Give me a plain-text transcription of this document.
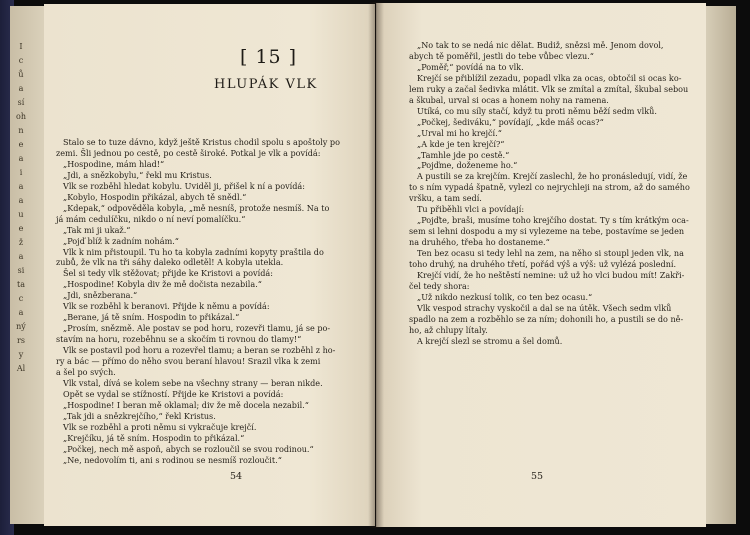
I
c
ů
a
sí
oh
n
e
a
i
a
a
u
e
ž
a
si
ta
c
a
ný
rs
y
Al
[ 15 ]
HLUPÁK VLK
Stalo se to tuze dávno, když ještě Kristus chodil spolu s apoštoly po
zemi. Šli jednou po cestě, po cestě široké. Potkal je vlk a povídá:
„Hospodine, mám hlad!“
„Jdi, a snězkobylu,“ řekl mu Kristus.
Vlk se rozběhl hledat kobylu. Uviděl ji, přišel k ní a povídá:
„Kobylo, Hospodin přikázal, abych tě snědl.“
„Kdepak,“ odpověděla kobyla, „mě nesníš, protože nesmíš. Na to
já mám cedulíčku, nikdo o ní neví pomalíčku.“
„Tak mi ji ukaž.“
„Pojď blíž k zadním nohám.“
Vlk k nim přistoupil. Tu ho ta kobyla zadními kopyty praštila do
zubů, že vlk na tři sáhy daleko odletěl! A kobyla utekla.
Šel si tedy vlk stěžovat; přijde ke Kristovi a povídá:
„Hospodine! Kobyla div že mě dočista nezabila.“
„Jdi, snězberana.“
Vlk se rozběhl k beranovi. Přijde k němu a povídá:
„Berane, já tě sním. Hospodin to přikázal.“
„Prosím, snězmě. Ale postav se pod horu, rozevři tlamu, já se po-
stavím na horu, rozeběhnu se a skočím ti rovnou do tlamy!“
Vlk se postavil pod horu a rozevřel tlamu; a beran se rozběhl z ho-
ry a bác — přímo do něho svou beraní hlavou! Srazil vlka k zemi
a šel po svých.
Vlk vstal, dívá se kolem sebe na všechny strany — beran nikde.
Opět se vydal se stížností. Přijde ke Kristovi a povídá:
„Hospodine! I beran mě oklamal; div že mě docela nezabil.“
„Tak jdi a snězkrejčího,“ řekl Kristus.
Vlk se rozběhl a proti němu si vykračuje krejčí.
„Krejčíku, já tě sním. Hospodin to přikázal.“
„Počkej, nech mě aspoň, abych se rozloučil se svou rodinou.“
„Ne, nedovolím ti, ani s rodinou se nesmíš rozloučit.“
54
„No tak to se nedá nic dělat. Budiž, snězsi mě. Jenom dovol,
abych tě poměřil, jestli do tebe vůbec vlezu.“
„Poměř,“ povídá na to vlk.
Krejčí se přiblížil zezadu, popadl vlka za ocas, obtočil si ocas ko-
lem ruky a začal šedivka mlátit. Vlk se zmítal a zmítal, škubal sebou
a škubal, urval si ocas a honem nohy na ramena.
Utíká, co mu síly stačí, když tu proti němu běží sedm vlků.
„Počkej, šediváku,“ povídají, „kde máš ocas?“
„Urval mi ho krejčí.“
„A kde je ten krejčí?“
„Tamhle jde po cestě.“
„Pojďme, doženeme ho.“
A pustili se za krejčím. Krejčí zaslechl, že ho pronásledují, vidí, že
to s ním vypadá špatně, vylezl co nejrychleji na strom, až do samého
vršku, a tam sedí.
Tu přiběhli vlci a povídají:
„Pojďte, braši, musíme toho krejčího dostat. Ty s tím krátkým oca-
sem si lehni dospodu a my si vylezeme na tebe, postavíme se jeden
na druhého, třeba ho dostaneme.“
Ten bez ocasu si tedy lehl na zem, na něho si stoupl jeden vlk, na
toho druhý, na druhého třetí, pořád výš a výš: už vylézá poslední.
Krejčí vidí, že ho neštěstí nemine: už už ho vlci budou mít! Zakři-
čel tedy shora:
„Už nikdo nezkusí tolik, co ten bez ocasu.“
Vlk vespod strachy vyskočil a dal se na útěk. Všech sedm vlků
spadlo na zem a rozběhlo se za ním; dohonili ho, a pustili se do ně-
ho, až chlupy lítaly.
A krejčí slezl se stromu a šel domů.
55
